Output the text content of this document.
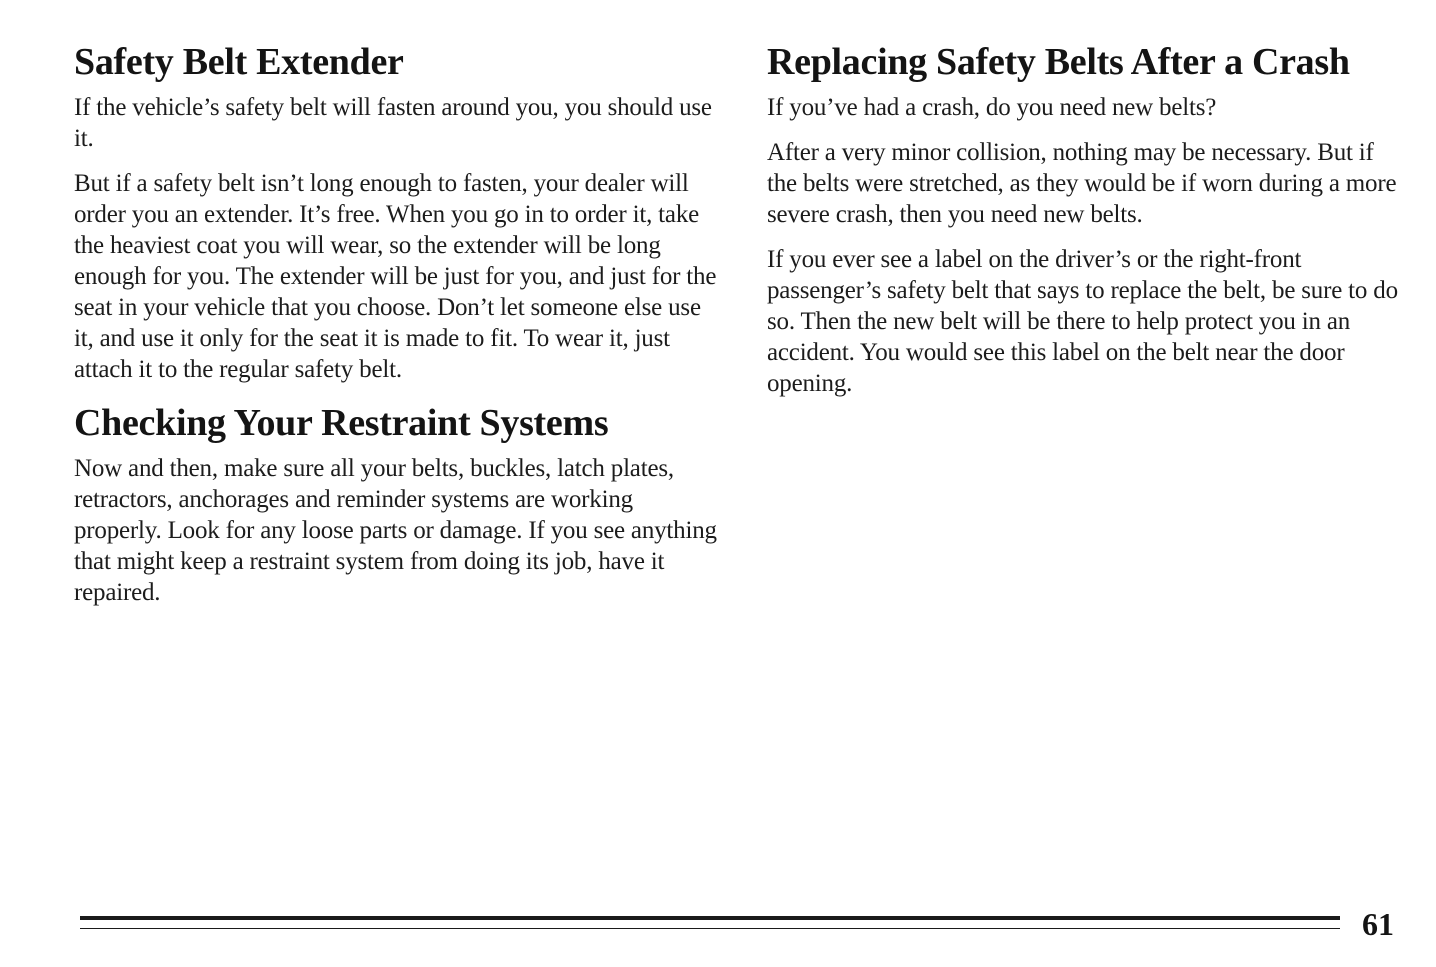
Safety Belt Extender

If the vehicle’s safety belt will fasten around you, you should use it.

But if a safety belt isn’t long enough to fasten, your dealer will order you an extender. It’s free. When you go in to order it, take the heaviest coat you will wear, so the extender will be long enough for you. The extender will be just for you, and just for the seat in your vehicle that you choose. Don’t let someone else use it, and use it only for the seat it is made to fit. To wear it, just attach it to the regular safety belt.

Checking Your Restraint Systems

Now and then, make sure all your belts, buckles, latch plates, retractors, anchorages and reminder systems are working properly. Look for any loose parts or damage. If you see anything that might keep a restraint system from doing its job, have it repaired.

Replacing Safety Belts After a Crash

If you’ve had a crash, do you need new belts?

After a very minor collision, nothing may be necessary. But if the belts were stretched, as they would be if worn during a more severe crash, then you need new belts.

If you ever see a label on the driver’s or the right-front passenger’s safety belt that says to replace the belt, be sure to do so. Then the new belt will be there to help protect you in an accident. You would see this label on the belt near the door opening.

61
